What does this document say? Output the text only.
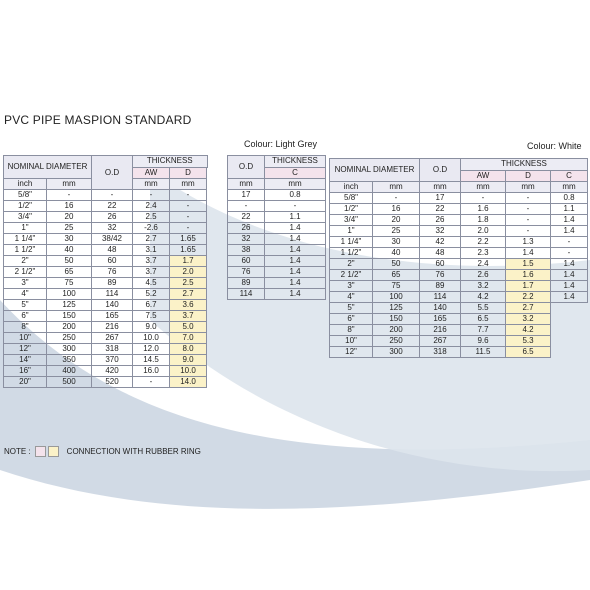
PVC PIPE MASPION STANDARD
Colour: Light Grey	Colour: White
NOMINAL DIAMETER		O.D	THICKNESS		
			AW	D	
inch	mm		mm	mm	
5/8"	-	-	-	-	
1/2"	16	22	2.4	-	
3/4"	20	26	2.5	-	
1"	25	32	-2.6	-	
1 1/4"	30	38/42	2.7	1.65	
1 1/2"	40	48	3.1	1.65	
2"	50	60	3.7	1.7	
2 1/2"	65	76	3.7	2.0	
3"	75	89	4.5	2.5	
4"	100	114	5.2	2.7	
5"	125	140	6.7	3.6	
6"	150	165	7.5	3.7	
8"	200	216	9.0	5.0	
10"	250	267	10.0	7.0	
12"	300	318	12.0	8.0	
14"	350	370	14.5	9.0	
16"	400	420	16.0	10.0	
20"	500	520	-	14.0	
O.D	THICKNESS
	C
mm	mm
17	0.8
-	-
22	1.1
26	1.4
32	1.4
38	1.4
60	1.4
76	1.4
89	1.4
114	1.4
NOMINAL DIAMETER		O.D	THICKNESS		
			AW	D	C
inch	mm	mm	mm	mm	mm
5/8"	-	17	-	-	0.8
1/2"	16	22	1.6	-	1.1
3/4"	20	26	1.8	-	1.4
1"	25	32	2.0	-	1.4
1 1/4"	30	42	2.2	1.3	-
1 1/2"	40	48	2.3	1.4	-
2"	50	60	2.4	1.5	1.4
2 1/2"	65	76	2.6	1.6	1.4
3"	75	89	3.2	1.7	1.4
4"	100	114	4.2	2.2	1.4
5"	125	140	5.5	2.7	
6"	150	165	6.5	3.2	
8"	200	216	7.7	4.2	
10"	250	267	9.6	5.3	
12"	300	318	11.5	6.5	
NOTE :	CONNECTION WITH RUBBER RING
